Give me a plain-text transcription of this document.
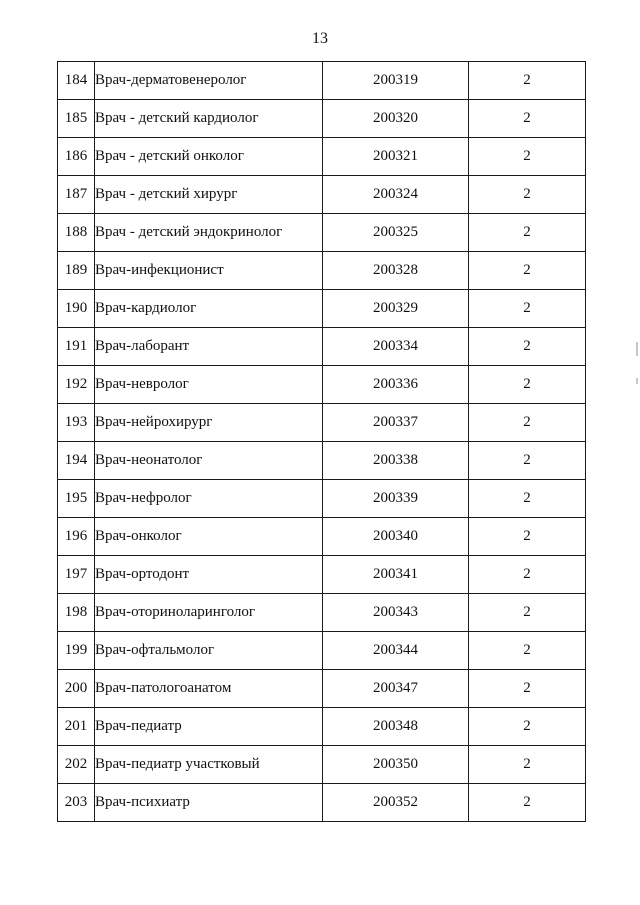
13
184	Врач-дерматовенеролог	200319	2
185	Врач - детский кардиолог	200320	2
186	Врач - детский онколог	200321	2
187	Врач - детский хирург	200324	2
188	Врач - детский эндокринолог	200325	2
189	Врач-инфекционист	200328	2
190	Врач-кардиолог	200329	2
191	Врач-лаборант	200334	2
192	Врач-невролог	200336	2
193	Врач-нейрохирург	200337	2
194	Врач-неонатолог	200338	2
195	Врач-нефролог	200339	2
196	Врач-онколог	200340	2
197	Врач-ортодонт	200341	2
198	Врач-оториноларинголог	200343	2
199	Врач-офтальмолог	200344	2
200	Врач-патологоанатом	200347	2
201	Врач-педиатр	200348	2
202	Врач-педиатр участковый	200350	2
203	Врач-психиатр	200352	2
